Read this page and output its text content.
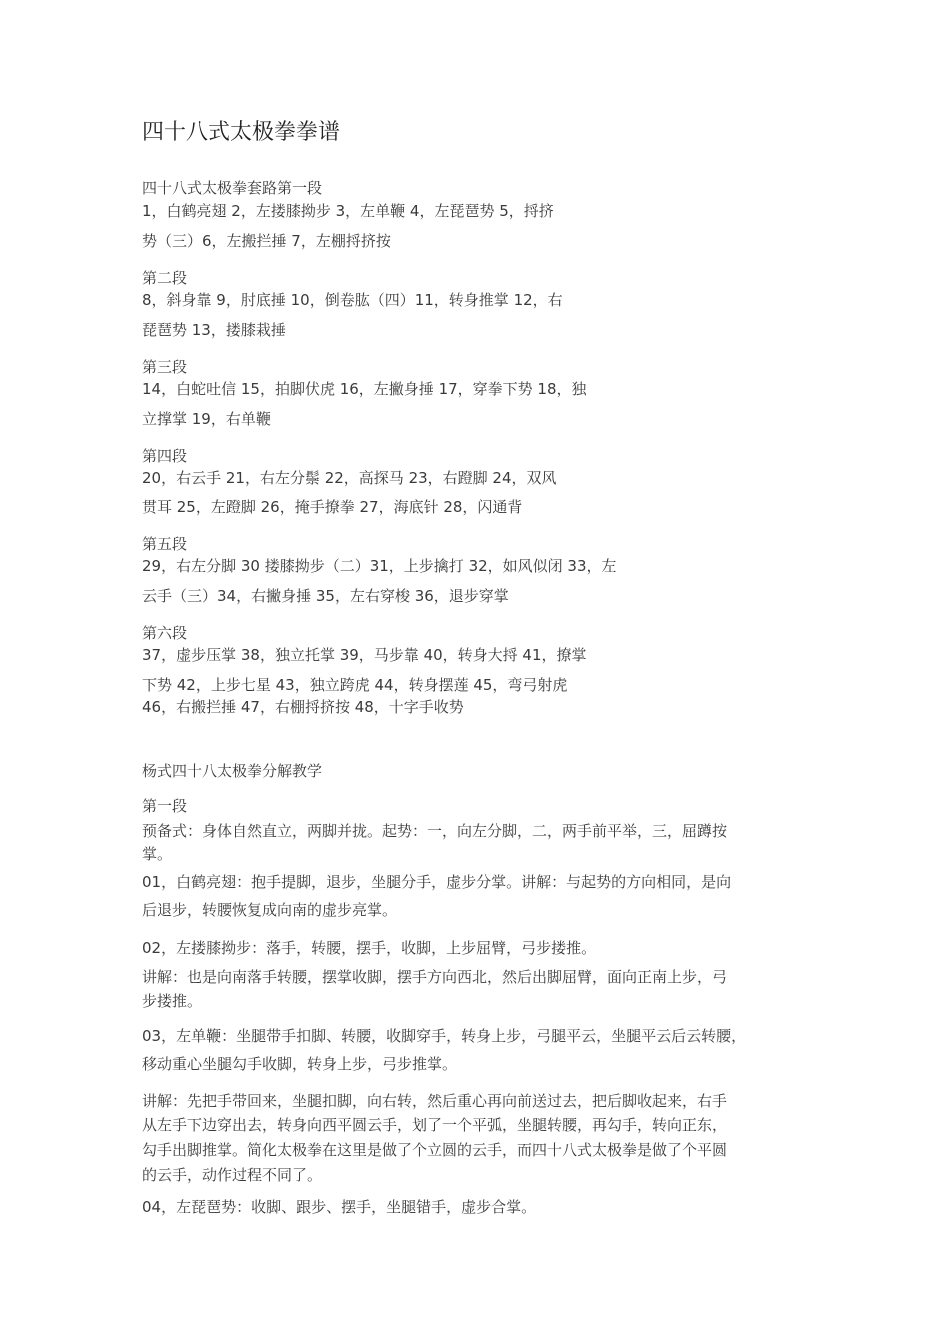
四十八式太极拳拳谱
四十八式太极拳套路第一段
1，白鹤亮翅 2，左搂膝拗步 3，左单鞭 4，左琵琶势 5，捋挤
势（三）6，左搬拦捶 7，左棚捋挤按
第二段
8，斜身靠 9，肘底捶 10，倒卷肱（四）11，转身推掌 12，右
琵琶势 13，搂膝栽捶
第三段
14，白蛇吐信 15，拍脚伏虎 16，左撇身捶 17，穿拳下势 18，独
立撑掌 19，右单鞭
第四段
20，右云手 21，右左分鬃 22，高探马 23，右蹬脚 24，双风
贯耳 25，左蹬脚 26，掩手撩拳 27，海底针 28，闪通背
第五段
29，右左分脚 30 搂膝拗步（二）31，上步擒打 32，如风似闭 33，左
云手（三）34，右撇身捶 35，左右穿梭 36，退步穿掌
第六段
37，虚步压掌 38，独立托掌 39，马步靠 40，转身大捋 41，撩掌
下势 42，上步七星 43，独立跨虎 44，转身摆莲 45，弯弓射虎
46，右搬拦捶 47，右棚捋挤按 48，十字手收势
杨式四十八太极拳分解教学
第一段
预备式：身体自然直立，两脚并拢。起势：一，向左分脚，二，两手前平举，三，屈蹲按
掌。
01，白鹤亮翅：抱手提脚，退步，坐腿分手，虚步分掌。讲解：与起势的方向相同，是向
后退步，转腰恢复成向南的虚步亮掌。
02，左搂膝拗步：落手，转腰，摆手，收脚，上步屈臂，弓步搂推。
讲解：也是向南落手转腰，摆掌收脚，摆手方向西北，然后出脚屈臂，面向正南上步，弓
步搂推。
03，左单鞭：坐腿带手扣脚、转腰，收脚穿手，转身上步，弓腿平云，坐腿平云后云转腰，
移动重心坐腿勾手收脚，转身上步，弓步推掌。
讲解：先把手带回来，坐腿扣脚，向右转，然后重心再向前送过去，把后脚收起来，右手
从左手下边穿出去，转身向西平圆云手，划了一个平弧，坐腿转腰，再勾手，转向正东，
勾手出脚推掌。简化太极拳在这里是做了个立圆的云手，而四十八式太极拳是做了个平圆
的云手，动作过程不同了。
04，左琵琶势：收脚、跟步、摆手，坐腿错手，虚步合掌。
